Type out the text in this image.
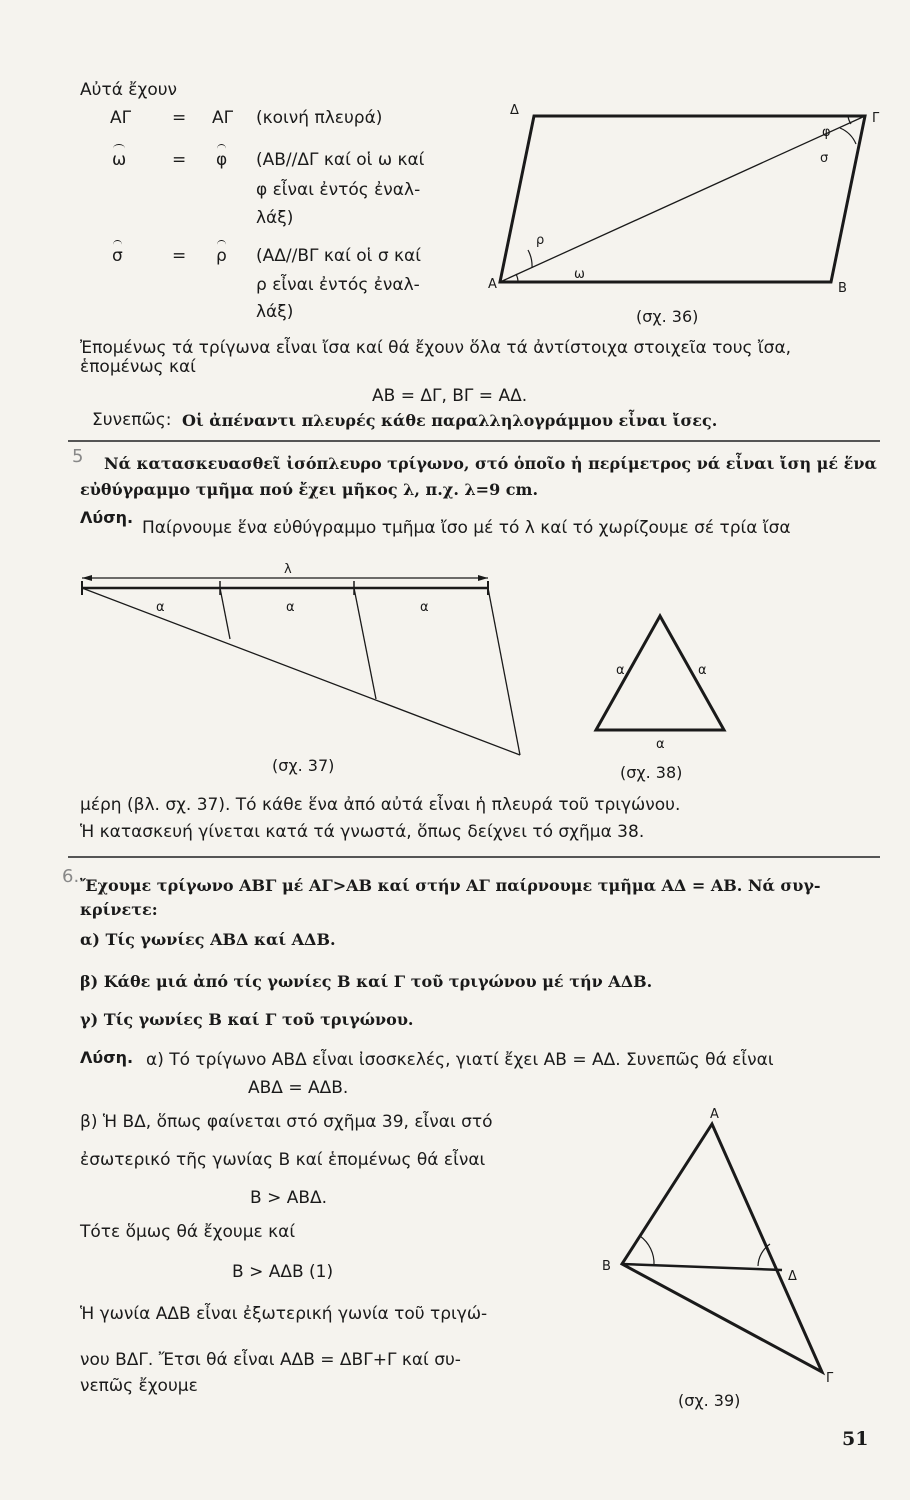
Αὐτά ἔχουν
ΑΓ = ΑΓ (κοινή πλευρά)
ω	= φ (ΑΒ//ΔΓ καί οἱ ω καί
φ εἶναι ἐντός ἐναλ-
λάξ)
σ	= ρ (ΑΔ//ΒΓ καί οἱ σ καί
ρ εἶναι ἐντός ἐναλ-
λάξ)
Δ
Γ
Α	Β
φ
σ
ρ
ω
(σχ. 36)
Ἐπομένως τά τρίγωνα εἶναι ἴσα καί θά ἔχουν ὅλα τά ἀντίστοιχα στοιχεῖα τους ἴσα,
ἑπομένως καί
ΑΒ = ΔΓ, ΒΓ = ΑΔ.
Συνεπῶς: Οἱ ἀπέναντι πλευρές κάθε παραλληλογράμμου εἶναι ἴσες.
5 Νά κατασκευασθεῖ ἰσόπλευρο τρίγωνο, στό ὁποῖο ἡ περίμετρος νά εἶναι ἴση μέ ἕνα
εὐθύγραμμο τμῆμα πού ἔχει μῆκος λ, π.χ. λ=9 cm.
Λύση.
Παίρνουμε ἕνα εὐθύγραμμο τμῆμα ἴσο μέ τό λ καί τό χωρίζουμε σέ τρία ἴσα
λ
α	α	α
(σχ. 37)
α	α
α
(σχ. 38)
μέρη (βλ. σχ. 37). Τό κάθε ἕνα ἀπό αὐτά εἶναι ἡ πλευρά τοῦ τριγώνου.
Ἡ κατασκευή γίνεται κατά τά γνωστά, ὅπως δείχνει τό σχῆμα 38.
6. Ἔχουμε τρίγωνο ΑΒΓ μέ ΑΓ>ΑΒ καί στήν ΑΓ παίρνουμε τμῆμα ΑΔ = ΑΒ. Νά συγ-
κρίνετε:
α) Τίς γωνίες ΑΒΔ καί ΑΔΒ.
β) Κάθε μιά ἀπό τίς γωνίες Β καί Γ τοῦ τριγώνου μέ τήν ΑΔΒ.
γ) Τίς γωνίες Β καί Γ τοῦ τριγώνου.
Λύση. α) Τό τρίγωνο ΑΒΔ εἶναι ἰσοσκελές, γιατί ἔχει ΑΒ = ΑΔ. Συνεπῶς θά εἶναι
ΑΒΔ = ΑΔΒ.
β) Ἡ ΒΔ, ὅπως φαίνεται στό σχῆμα 39, εἶναι στό
ἐσωτερικό τῆς γωνίας Β καί ἑπομένως θά εἶναι
Β > ΑΒΔ.
Τότε ὅμως θά ἔχουμε καί
Β > ΑΔΒ (1)
Ἡ γωνία ΑΔΒ εἶναι ἐξωτερική γωνία τοῦ τριγώ-
νου ΒΔΓ. Ἔτσι θά εἶναι ΑΔΒ = ΔΒΓ+Γ καί συ-
νεπῶς ἔχουμε
Α
Β
Δ
Γ
(σχ. 39)
51
